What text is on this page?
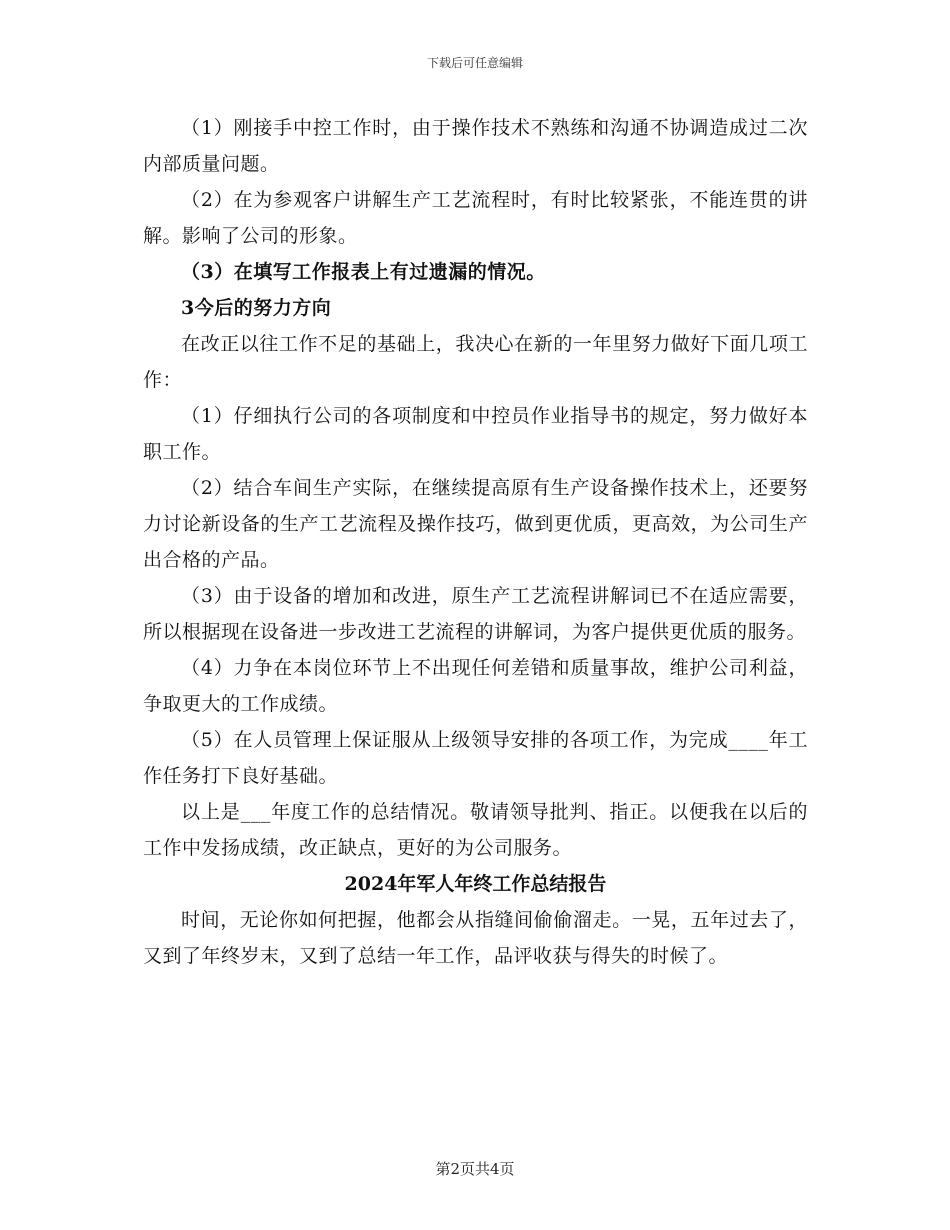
下载后可任意编辑

（1）刚接手中控工作时，由于操作技术不熟练和沟通不协调造成过二次内部质量问题。

（2）在为参观客户讲解生产工艺流程时，有时比较紧张，不能连贯的讲解。影响了公司的形象。

（3）在填写工作报表上有过遗漏的情况。

3今后的努力方向

在改正以往工作不足的基础上，我决心在新的一年里努力做好下面几项工作：

（1）仔细执行公司的各项制度和中控员作业指导书的规定，努力做好本职工作。

（2）结合车间生产实际，在继续提高原有生产设备操作技术上，还要努力讨论新设备的生产工艺流程及操作技巧，做到更优质，更高效，为公司生产出合格的产品。

（3）由于设备的增加和改进，原生产工艺流程讲解词已不在适应需要，所以根据现在设备进一步改进工艺流程的讲解词，为客户提供更优质的服务。

（4）力争在本岗位环节上不出现任何差错和质量事故，维护公司利益，争取更大的工作成绩。

（5）在人员管理上保证服从上级领导安排的各项工作，为完成____年工作任务打下良好基础。

以上是___年度工作的总结情况。敬请领导批判、指正。以便我在以后的工作中发扬成绩，改正缺点，更好的为公司服务。

2024年军人年终工作总结报告

时间，无论你如何把握，他都会从指缝间偷偷溜走。一晃，五年过去了，又到了年终岁末，又到了总结一年工作，品评收获与得失的时候了。

第2页共4页
